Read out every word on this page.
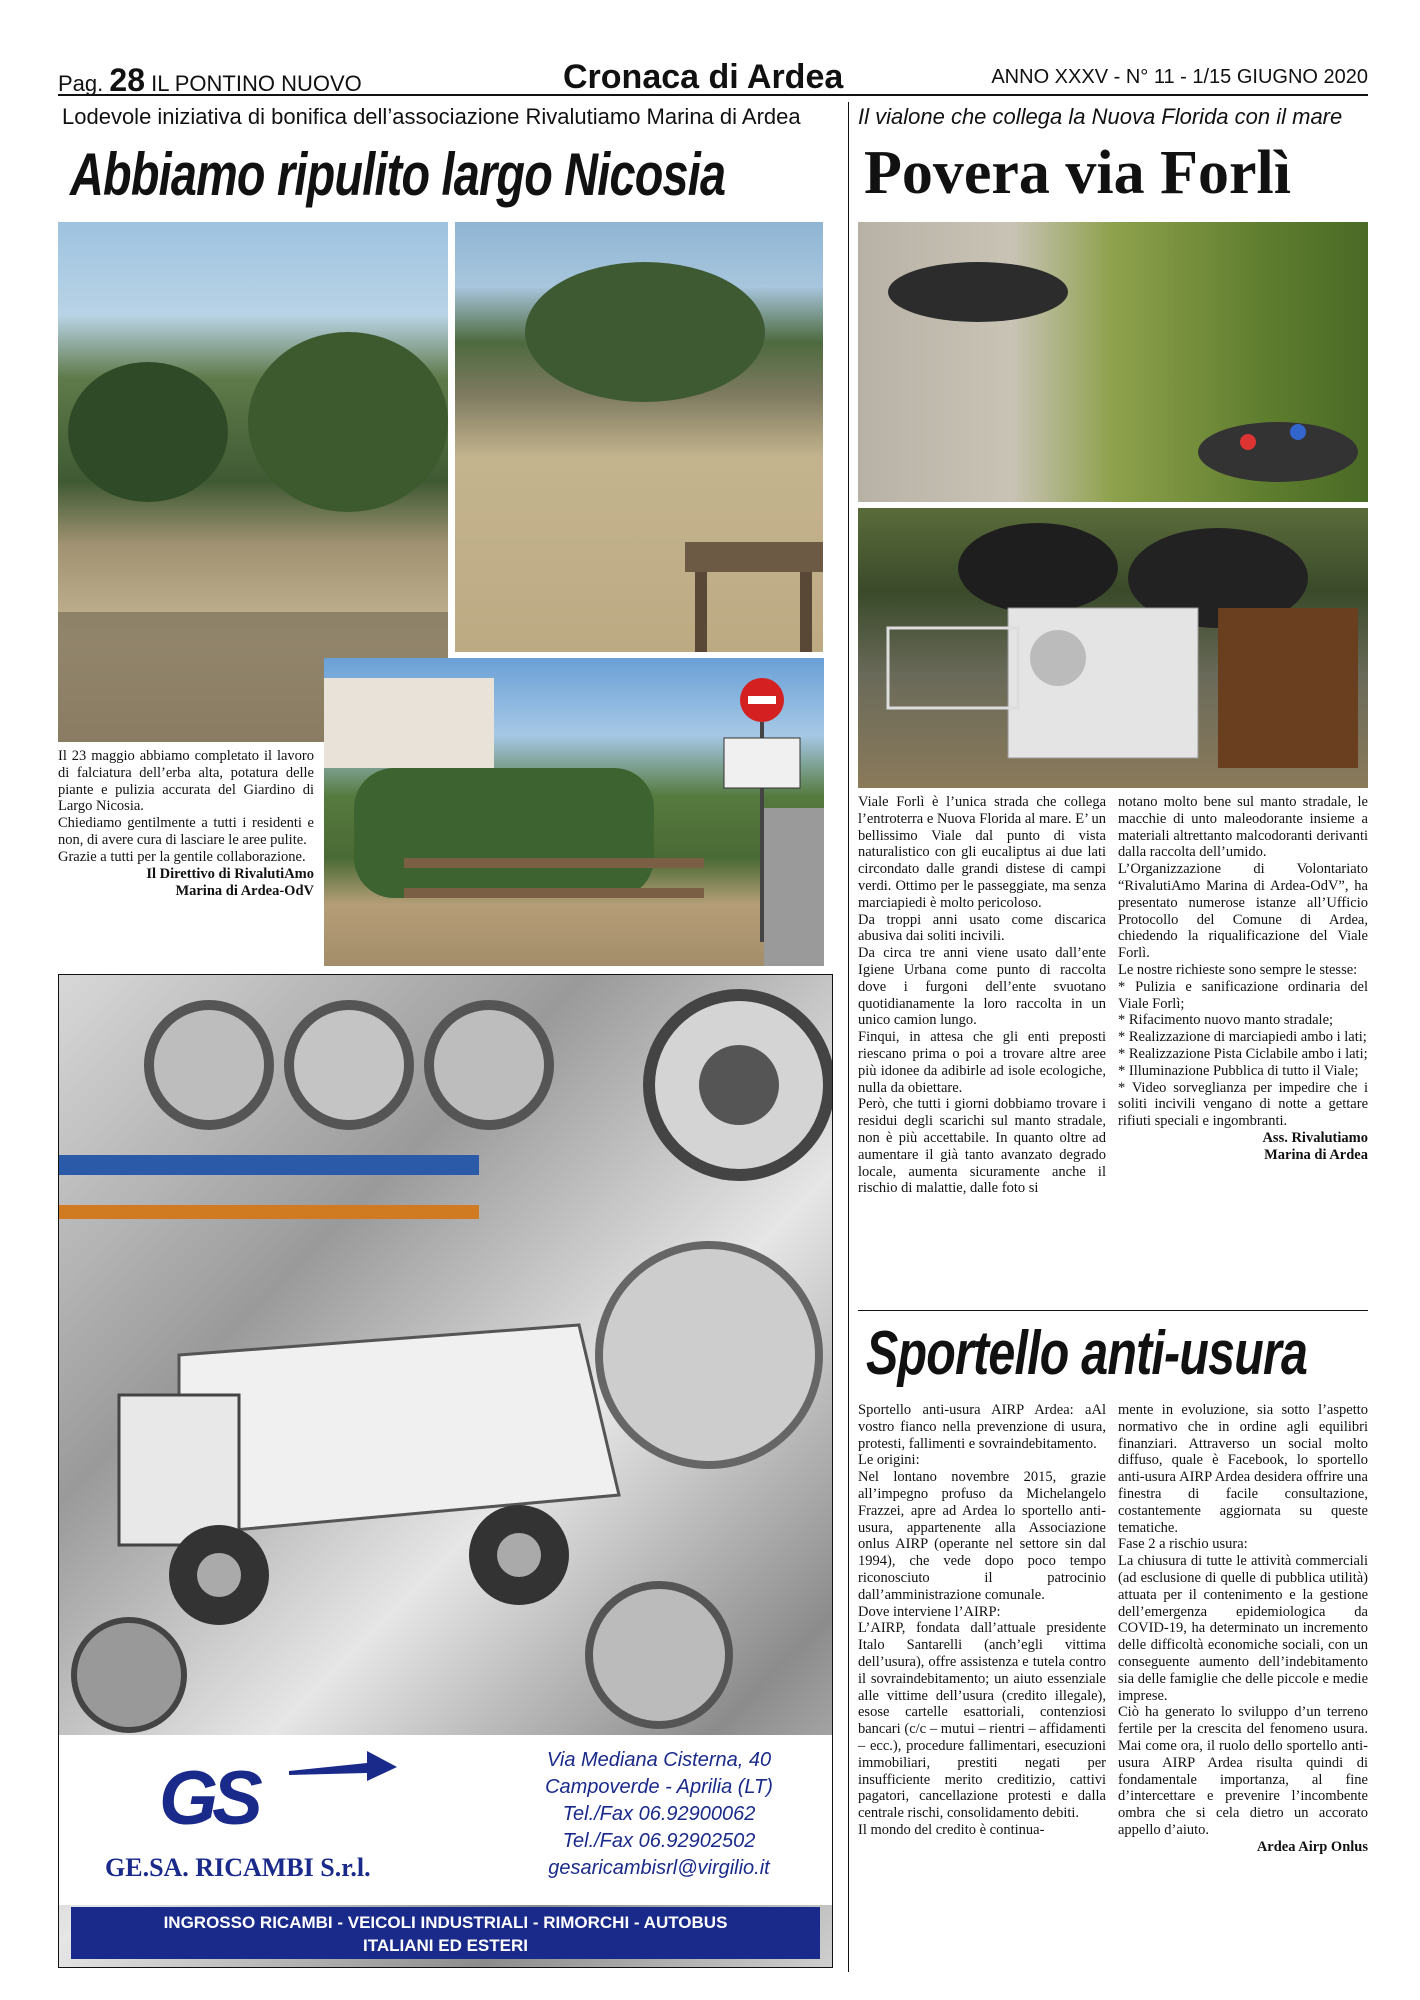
Pag. 28 IL PONTINO NUOVO	Cronaca di Ardea	ANNO XXXV - N° 11 - 1/15 GIUGNO 2020
Lodevole iniziativa di bonifica dell’associazione Rivalutiamo Marina di Ardea
Abbiamo ripulito largo Nicosia

Il 23 maggio abbiamo completato il lavoro di falciatura dell’erba alta, potatura delle piante e pulizia accurata del Giardino di Largo Nicosia.

Chiediamo gentilmente a tutti i residenti e non, di avere cura di lasciare le aree pulite.

Grazie a tutti per la gentile collaborazione.

Il Direttivo di RivalutiAmo
Marina di Ardea-OdV
Il vialone che collega la Nuova Florida con il mare
Povera via Forlì

Viale Forlì è l’unica strada che collega l’entroterra e Nuova Florida al mare. E’ un bellissimo Viale dal punto di vista naturalistico con gli eucaliptus ai due lati circondato dalle grandi distese di campi verdi. Ottimo per le passeggiate, ma senza marciapiedi è molto pericoloso.

Da troppi anni usato come discarica abusiva dai soliti incivili.

Da circa tre anni viene usato dall’ente Igiene Urbana come punto di raccolta dove i furgoni dell’ente svuotano quotidianamente la loro raccolta in un unico camion lungo.

Finqui, in attesa che gli enti preposti riescano prima o poi a trovare altre aree più idonee da adibirle ad isole ecologiche, nulla da obiettare.

Però, che tutti i giorni dobbiamo trovare i residui degli scarichi sul manto stradale, non è più accettabile. In quanto oltre ad aumentare il già tanto avanzato degrado locale, aumenta sicuramente anche il rischio di malattie, dalle foto si

notano molto bene sul manto stradale, le macchie di unto maleodorante insieme a materiali altrettanto malcodoranti derivanti dalla raccolta dell’umido.

L’Organizzazione di Volontariato “RivalutiAmo Marina di Ardea-OdV”, ha presentato numerose istanze all’Ufficio Protocollo del Comune di Ardea, chiedendo la riqualificazione del Viale Forlì.

Le nostre richieste sono sempre le stesse:

* Pulizia e sanificazione ordinaria del Viale Forlì;

* Rifacimento nuovo manto stradale;

* Realizzazione di marciapiedi ambo i lati;

* Realizzazione Pista Ciclabile ambo i lati;

* Illuminazione Pubblica di tutto il Viale;

* Video sorveglianza per impedire che i soliti incivili vengano di notte a gettare rifiuti speciali e ingombranti.

Ass. Rivalutiamo
Marina di Ardea
Sportello anti-usura

Sportello anti-usura AIRP Ardea: aAl vostro fianco nella prevenzione di usura, protesti, fallimenti e sovraindebitamento.

Le origini:

Nel lontano novembre 2015, grazie all’impegno profuso da Michelangelo Frazzei, apre ad Ardea lo sportello anti-usura, appartenente alla Associazione onlus AIRP (operante nel settore sin dal 1994), che vede dopo poco tempo riconosciuto il patrocinio dall’amministrazione comunale.

Dove interviene l’AIRP:

L’AIRP, fondata dall’attuale presidente Italo Santarelli (anch’egli vittima dell’usura), offre assistenza e tutela contro il sovraindebitamento; un aiuto essenziale alle vittime dell’usura (credito illegale), esose cartelle esattoriali, contenziosi bancari (c/c – mutui – rientri – affidamenti – ecc.), procedure fallimentari, esecuzioni immobiliari, prestiti negati per insufficiente merito creditizio, cattivi pagatori, cancellazione protesti e dalla centrale rischi, consolidamento debiti.

Il mondo del credito è continua-

mente in evoluzione, sia sotto l’aspetto normativo che in ordine agli equilibri finanziari. Attraverso un social molto diffuso, quale è Facebook, lo sportello anti-usura AIRP Ardea desidera offrire una finestra di facile consultazione, costantemente aggiornata su queste tematiche.

Fase 2 a rischio usura:

La chiusura di tutte le attività commerciali (ad esclusione di quelle di pubblica utilità) attuata per il contenimento e la gestione dell’emergenza epidemiologica da COVID-19, ha determinato un incremento delle difficoltà economiche sociali, con un conseguente aumento dell’indebitamento sia delle famiglie che delle piccole e medie imprese.

Ciò ha generato lo sviluppo d’un terreno fertile per la crescita del fenomeno usura. Mai come ora, il ruolo dello sportello anti-usura AIRP Ardea risulta quindi di fondamentale importanza, al fine d’intercettare e prevenire l’incombente ombra che si cela dietro un accorato appello d’aiuto.

Ardea Airp Onlus
GS
GE.SA. RICAMBI S.r.l.
Via Mediana Cisterna, 40
Campoverde - Aprilia (LT)
Tel./Fax 06.92900062
Tel./Fax 06.92902502
gesaricambisrl@virgilio.it
INGROSSO RICAMBI - VEICOLI INDUSTRIALI - RIMORCHI - AUTOBUS
ITALIANI ED ESTERI
